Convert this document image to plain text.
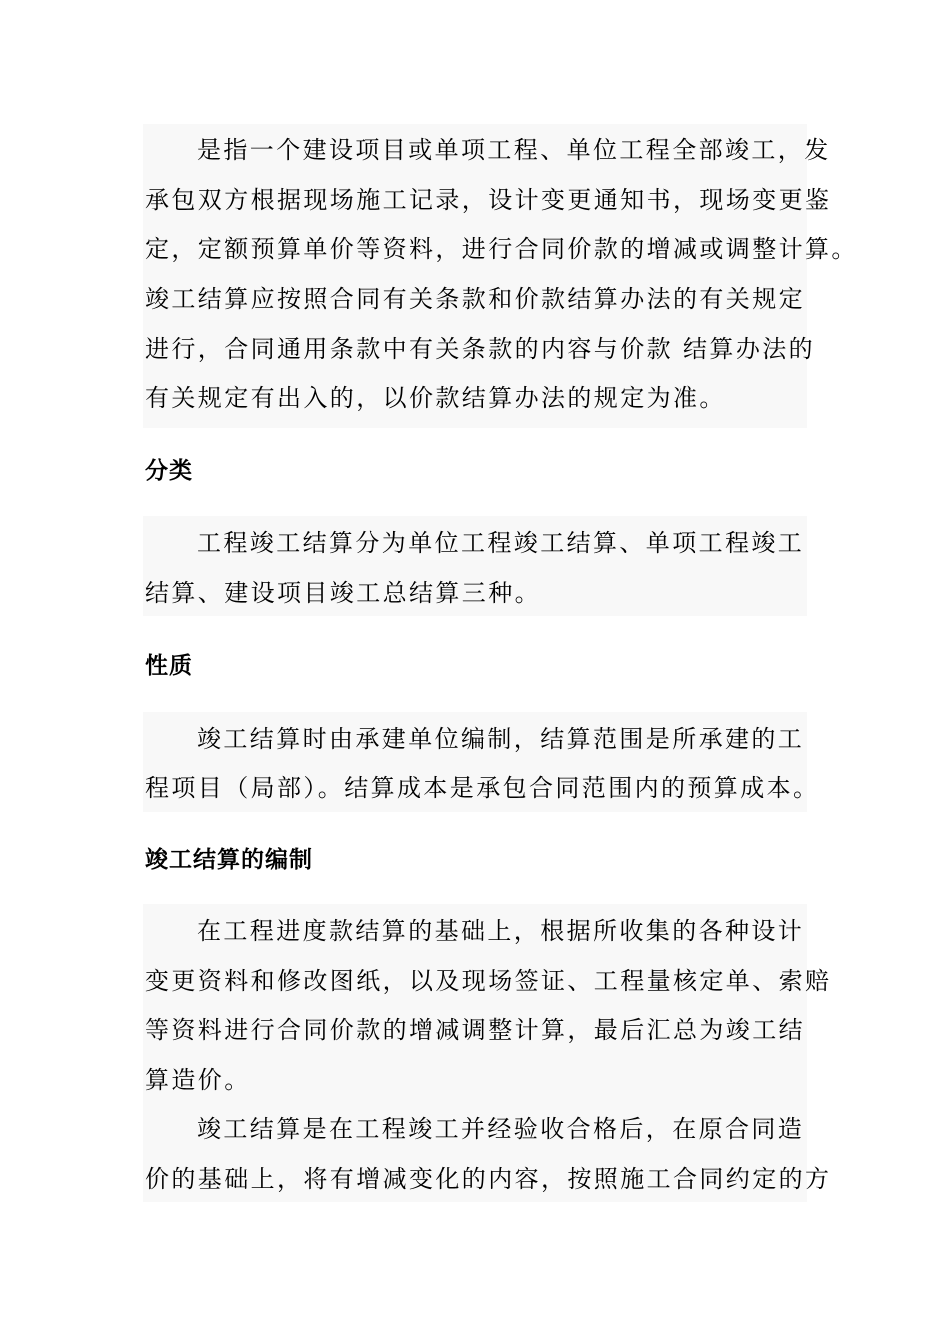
是指一个建设项目或单项工程、单位工程全部竣工，发
承包双方根据现场施工记录，设计变更通知书，现场变更鉴
定，定额预算单价等资料，进行合同价款的增减或调整计算。
竣工结算应按照合同有关条款和价款结算办法的有关规定
进行，合同通用条款中有关条款的内容与价款 结算办法的
有关规定有出入的，以价款结算办法的规定为准。
分类
工程竣工结算分为单位工程竣工结算、单项工程竣工
结算、建设项目竣工总结算三种。
性质
竣工结算时由承建单位编制，结算范围是所承建的工
程项目（局部）。结算成本是承包合同范围内的预算成本。
竣工结算的编制
在工程进度款结算的基础上，根据所收集的各种设计
变更资料和修改图纸，以及现场签证、工程量核定单、索赔
等资料进行合同价款的增减调整计算，最后汇总为竣工结
算造价。
竣工结算是在工程竣工并经验收合格后，在原合同造
价的基础上，将有增减变化的内容，按照施工合同约定的方
